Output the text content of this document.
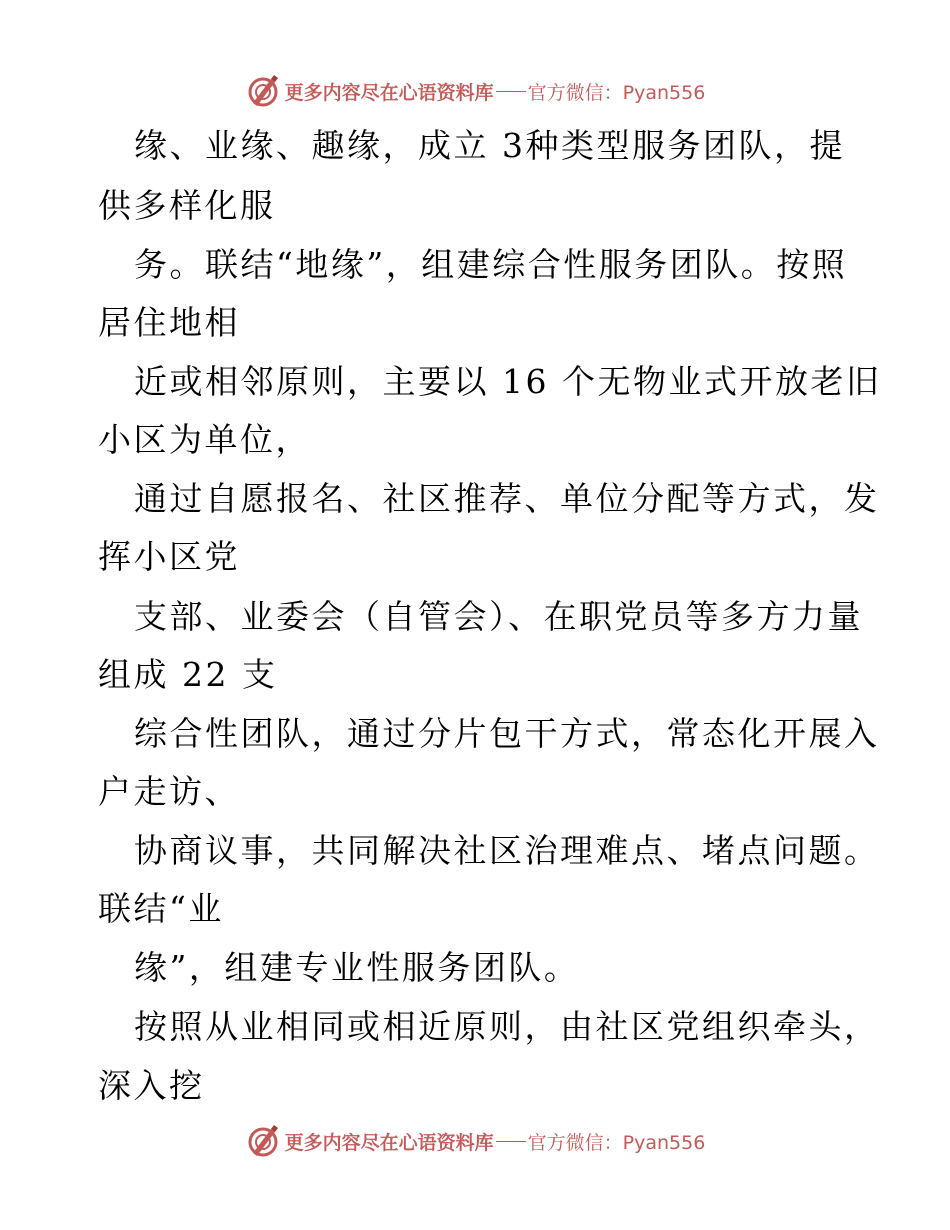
更多内容尽在心语资料库 官方微信：Pyan556
缘、业缘、趣缘，成立 3种类型服务团队，提
供多样化服
务。联结“地缘”，组建综合性服务团队。按照
居住地相
近或相邻原则，主要以 16 个无物业式开放老旧
小区为单位，
通过自愿报名、社区推荐、单位分配等方式，发
挥小区党
支部、业委会（自管会）、在职党员等多方力量
组成 22 支
综合性团队，通过分片包干方式，常态化开展入
户走访、
协商议事，共同解决社区治理难点、堵点问题。
联结“业
缘”，组建专业性服务团队。
按照从业相同或相近原则，由社区党组织牵头，
深入挖
更多内容尽在心语资料库 官方微信：Pyan556
